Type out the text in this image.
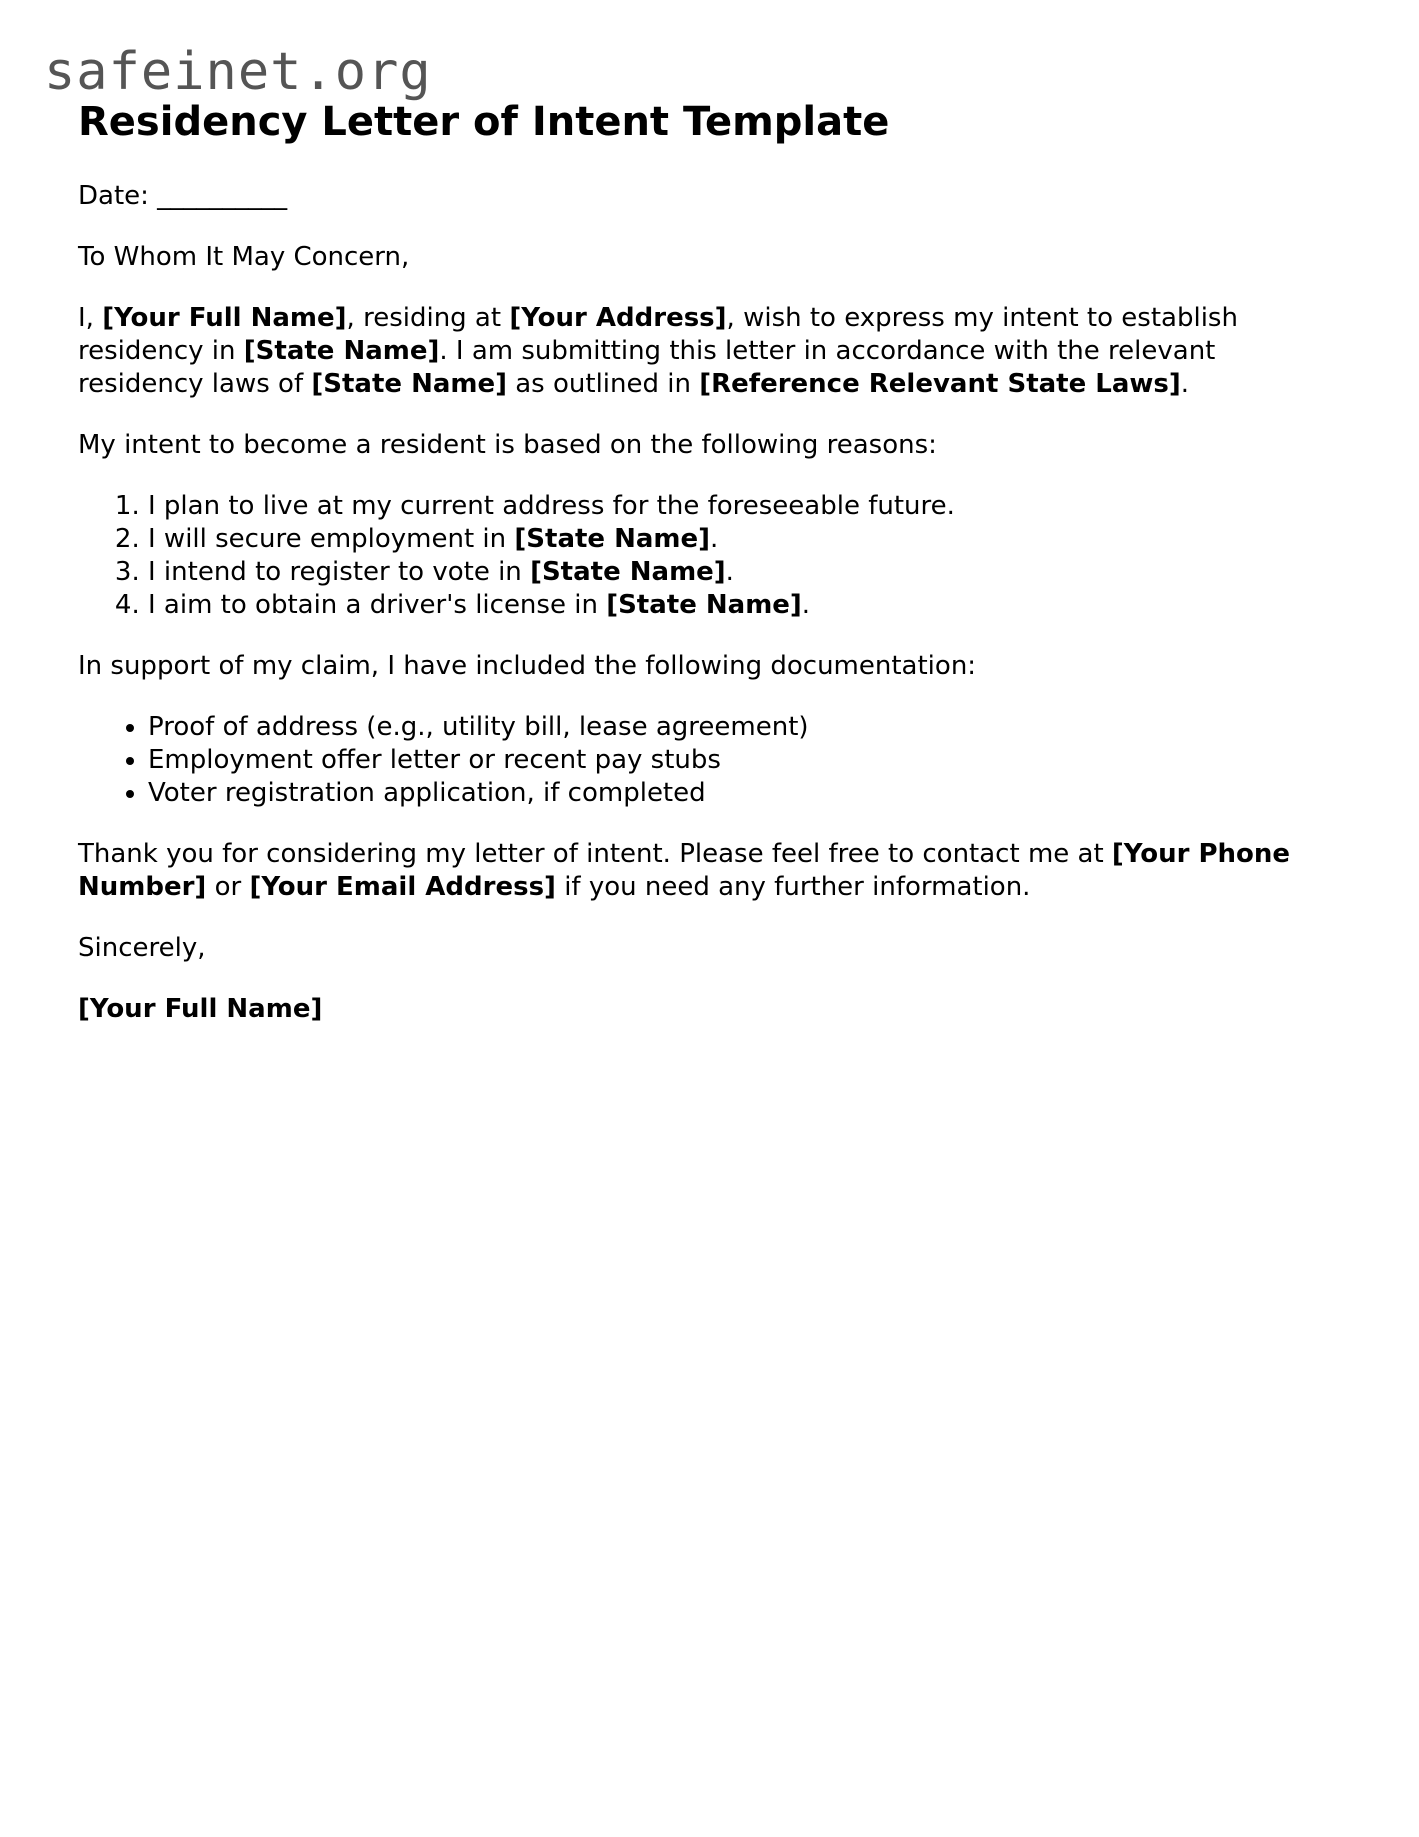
safeinet.org
Residency Letter of Intent Template

Date: __________

To Whom It May Concern,

I, [Your Full Name], residing at [Your Address], wish to express my intent to establish residency in [State Name]. I am submitting this letter in accordance with the relevant residency laws of [State Name] as outlined in [Reference Relevant State Laws].

My intent to become a resident is based on the following reasons:

1. I plan to live at my current address for the foreseeable future.
2. I will secure employment in [State Name].
3. I intend to register to vote in [State Name].
4. I aim to obtain a driver's license in [State Name].

In support of my claim, I have included the following documentation:

• Proof of address (e.g., utility bill, lease agreement)
• Employment offer letter or recent pay stubs
• Voter registration application, if completed

Thank you for considering my letter of intent. Please feel free to contact me at [Your Phone Number] or [Your Email Address] if you need any further information.

Sincerely,

[Your Full Name]
